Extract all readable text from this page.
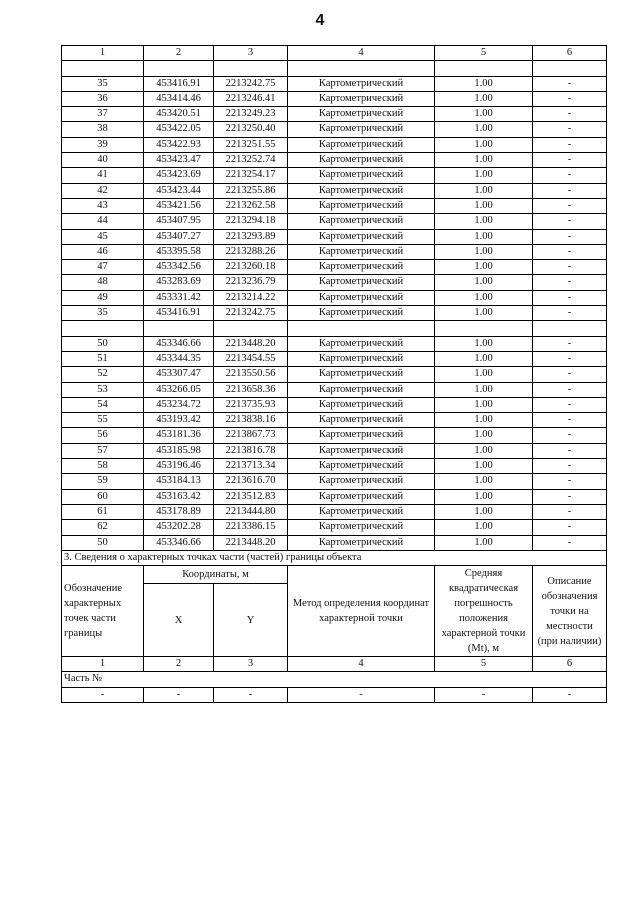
4
1	2	3	4	5	6

35	453416.91	2213242.75	Картометрический	1.00	-
36	453414.46	2213246.41	Картометрический	1.00	-
37	453420.51	2213249.23	Картометрический	1.00	-
38	453422.05	2213250.40	Картометрический	1.00	-
39	453422.93	2213251.55	Картометрический	1.00	-
40	453423.47	2213252.74	Картометрический	1.00	-
41	453423.69	2213254.17	Картометрический	1.00	-
42	453423.44	2213255.86	Картометрический	1.00	-
43	453421.56	2213262.58	Картометрический	1.00	-
44	453407.95	2213294.18	Картометрический	1.00	-
45	453407.27	2213293.89	Картометрический	1.00	-
46	453395.58	2213288.26	Картометрический	1.00	-
47	453342.56	2213260.18	Картометрический	1.00	-
48	453283.69	2213236.79	Картометрический	1.00	-
49	453331.42	2213214.22	Картометрический	1.00	-
35	453416.91	2213242.75	Картометрический	1.00	-

50	453346.66	2213448.20	Картометрический	1.00	-
51	453344.35	2213454.55	Картометрический	1.00	-
52	453307.47	2213550.56	Картометрический	1.00	-
53	453266.05	2213658.36	Картометрический	1.00	-
54	453234.72	2213735.93	Картометрический	1.00	-
55	453193.42	2213838.16	Картометрический	1.00	-
56	453181.36	2213867.73	Картометрический	1.00	-
57	453185.98	2213816.78	Картометрический	1.00	-
58	453196.46	2213713.34	Картометрический	1.00	-
59	453184.13	2213616.70	Картометрический	1.00	-
60	453163.42	2213512.83	Картометрический	1.00	-
61	453178.89	2213444.80	Картометрический	1.00	-
62	453202.28	2213386.15	Картометрический	1.00	-
50	453346.66	2213448.20	Картометрический	1.00	-
3. Сведения о характерных точках части (частей) границы объекта					
Обозначение характерных точек части границы	Координаты, м		Метод определения координат характерной точки	Средняя квадратическая погрешность положения характерной точки (Mt), м	Описание обозначения точки на местности (при наличии)
	X	Y			
1	2	3	4	5	6
Часть №					
-	-	-	-	-	-
